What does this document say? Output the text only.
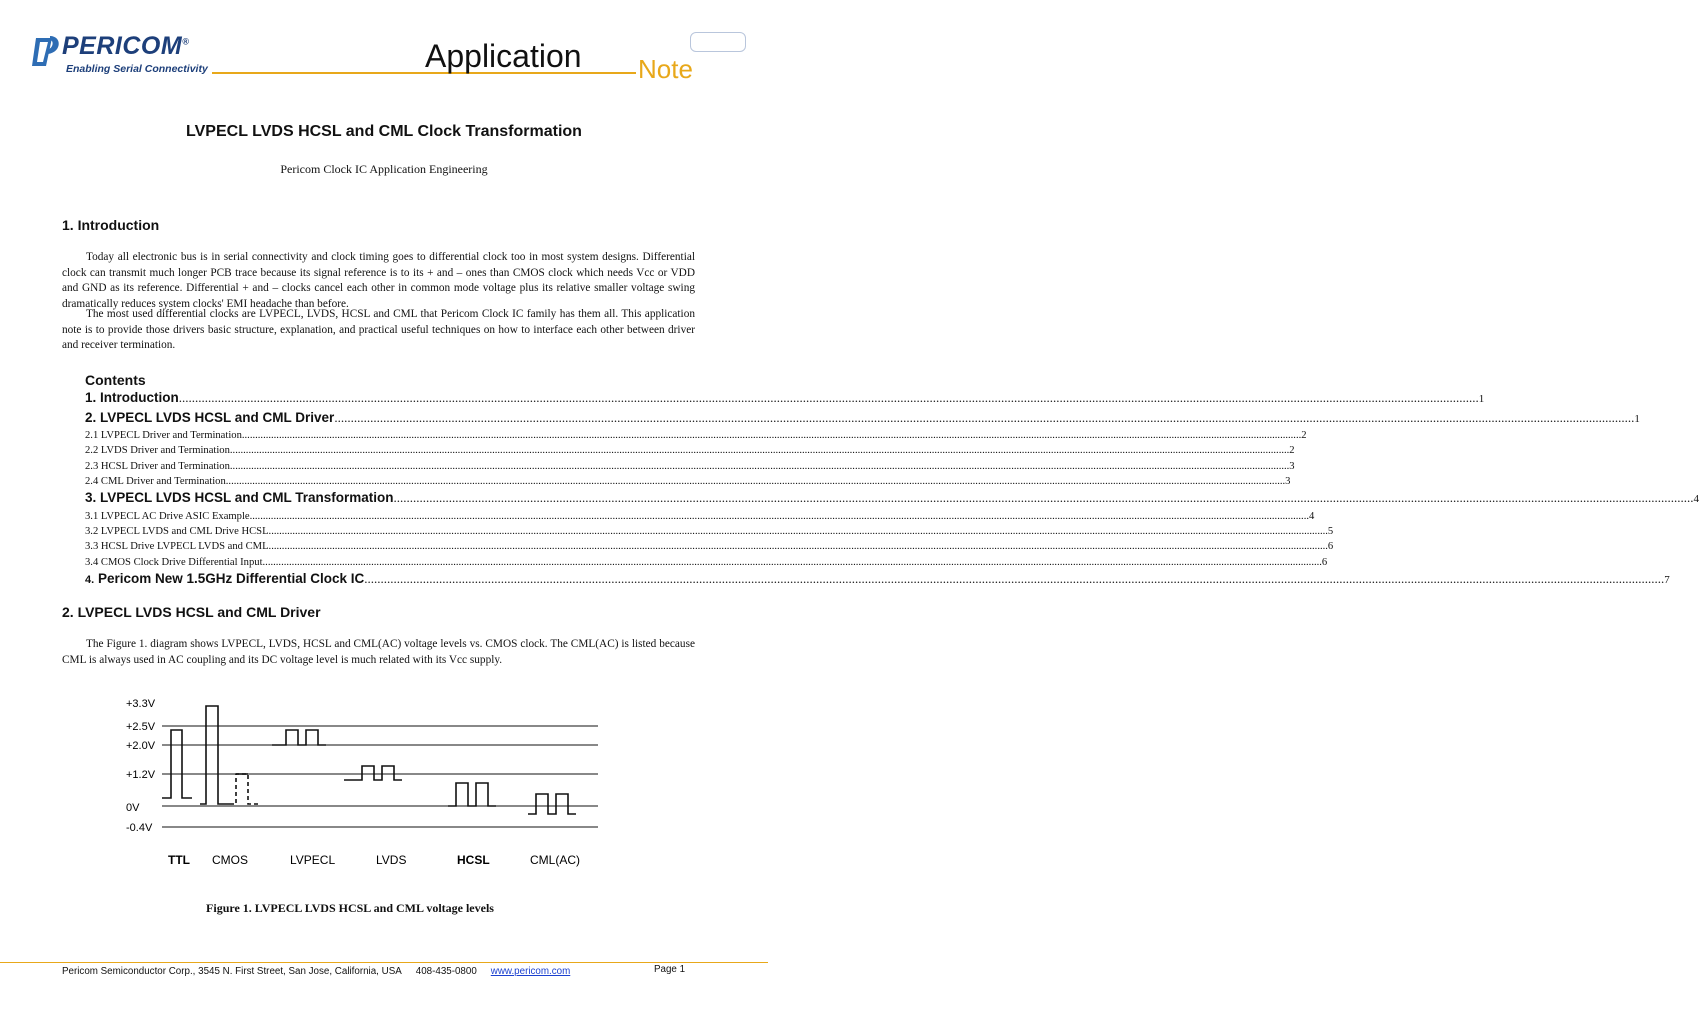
PERICOM®
Enabling Serial Connectivity	Application Note
LVPECL LVDS HCSL and CML Clock Transformation
Pericom Clock IC Application Engineering
1. Introduction

Today all electronic bus is in serial connectivity and clock timing goes to differential clock too in most system designs. Differential clock can transmit much longer PCB trace because its signal reference is to its + and – ones than CMOS clock which needs Vcc or VDD and GND as its reference. Differential + and – clocks cancel each other in common mode voltage plus its relative smaller voltage swing dramatically reduces system clocks' EMI headache than before.

The most used differential clocks are LVPECL, LVDS, HCSL and CML that Pericom Clock IC family has them all. This application note is to provide those drivers basic structure, explanation, and practical useful techniques on how to interface each other between driver and receiver termination.

Contents
1. Introduction ................................................................................................................................................................................................................................................................................................................................................................................................................ 1
2. LVPECL LVDS HCSL and CML Driver ................................................................................................................................................................................................................................................................................................................................................................................................................ 1
2.1 LVPECL Driver and Termination ................................................................................................................................................................................................................................................................................................................................................................................................................ 2
2.2 LVDS Driver and Termination ................................................................................................................................................................................................................................................................................................................................................................................................................ 2
2.3 HCSL Driver and Termination ................................................................................................................................................................................................................................................................................................................................................................................................................ 3
2.4 CML Driver and Termination ................................................................................................................................................................................................................................................................................................................................................................................................................ 3
3. LVPECL LVDS HCSL and CML Transformation ................................................................................................................................................................................................................................................................................................................................................................................................................ 4
3.1 LVPECL AC Drive ASIC Example ................................................................................................................................................................................................................................................................................................................................................................................................................ 4
3.2 LVPECL LVDS and CML Drive HCSL ................................................................................................................................................................................................................................................................................................................................................................................................................ 5
3.3 HCSL Drive LVPECL LVDS and CML ................................................................................................................................................................................................................................................................................................................................................................................................................ 6
3.4 CMOS Clock Drive Differential Input ................................................................................................................................................................................................................................................................................................................................................................................................................ 6
4. Pericom New 1.5GHz Differential Clock IC ................................................................................................................................................................................................................................................................................................................................................................................................................ 7
2. LVPECL LVDS HCSL and CML Driver

The Figure 1. diagram shows LVPECL, LVDS, HCSL and CML(AC) voltage levels vs. CMOS clock. The CML(AC) is listed because CML is always used in AC coupling and its DC voltage level is much related with its Vcc supply.

+3.3V
+2.5V
+2.0V
+1.2V
0V
-0.4V
TTL CMOS	LVPECL	LVDS	HCSL	CML(AC)
Figure 1. LVPECL LVDS HCSL and CML voltage levels
Pericom Semiconductor Corp., 3545 N. First Street, San Jose, California, USA 408-435-0800 www.pericom.com	Page 1
